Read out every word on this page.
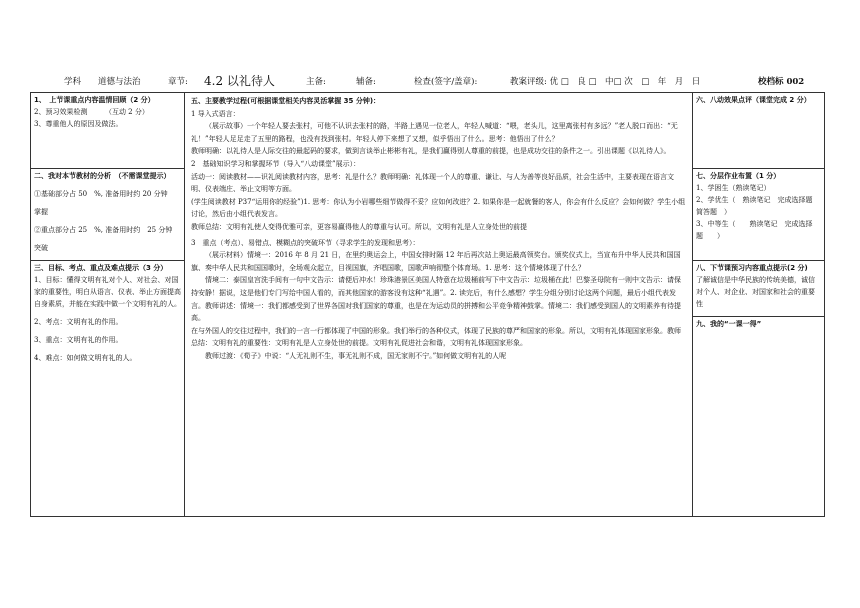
学科 道德与法治	章节: 4.2 以礼待人	主备:	辅备:	检查(签字/盖章):	教案评级: 优 □　良 □　中□ 次　□　年　月　日	校档标 002

1、　上节课重点内容温情回顾（2 分）

2、预习效果检测　　　（互动 2 分）

3、尊重他人的原因及做法。

二、我对本节教材的分析　（不需课堂提示）

①基础部分占 50　%, 准备用时约 20 分钟

掌握

②重点部分占 25　%, 准备用时约　25 分钟

突破

三、目标、考点、重点及难点提示（3 分）

1、目标：懂得文明有礼对个人、对社会、对国家的重要性，明白从语言、仪表、举止方面提高自身素质，并能在实践中做一个文明有礼的人。

2、考点：文明有礼的作用。

3、重点：文明有礼的作用。

4、难点：如何做文明有礼的人。

五、主要教学过程(可根据课堂相关内容灵活掌握 35 分钟)：

1 导入式语言：

（展示故事）一个年轻人要去张村，可他不认识去张村的路，半路上遇见一位老人，年轻人喊道：“喂，老头儿，这里离张村有多远？”老人脱口而出：“无礼！”年轻人足足走了五里的路程，也没有找到张村。年轻人停下来想了又想，似乎悟出了什么。思考：他悟出了什么？

教师明确：以礼待人是人际交往的最起码的要求，做到言谈举止彬彬有礼，是我们赢得别人尊重的前提，也是成功交往的条件之一。引出课题《以礼待人》。

2　基础知识学习和掌握环节（导入“八动课堂”展示）：

活动一：阅读教材——识礼阅读教材内容，思考：礼是什么？教师明确：礼体现一个人的尊重、谦让、与人为善等良好品质，社会生活中，主要表现在语言文明、仪表端庄、举止文明等方面。

(学生阅读教材 P37“运用你的经验”)1. 思考：你认为小岩哪些细节做得不妥？应如何改进？2. 如果你是一起就餐的客人，你会有什么反应？会如何做？学生小组讨论，然后由小组代表发言。

教师总结：文明有礼使人变得优雅可亲，更容易赢得他人的尊重与认可。所以，文明有礼是人立身处世的前提

3　重点（考点）、易错点、模糊点的突破环节（寻求学生的发现和思考）：

（展示材料）情境一：2016 年 8 月 21 日，在里约奥运会上，中国女排时隔 12 年后再次站上奥运最高领奖台。颁奖仪式上，当宣布升中华人民共和国国旗、奏中华人民共和国国歌时，全场观众起立，目视国旗，齐唱国歌，国歌声响彻整个体育场。1. 思考：这个情境体现了什么？

情境二：泰国皇宫洗手间有一句中文告示：请便后冲水！珍珠港景区美国人特意在垃圾桶前写下中文告示：垃圾桶在此！巴黎圣母院有一则中文告示：请保持安静！据说，这是他们专门写给中国人看的，而其他国家的游客没有这种“礼遇”。2. 读完后，有什么感想？学生分组分别讨论这两个问题，最后小组代表发言。教师讲述：情境一：我们都感受到了世界各国对我们国家的尊重，也是在为运动员的拼搏和公平竞争精神鼓掌。情境二：我们感受到国人的文明素养有待提高。

在与外国人的交往过程中，我们的一言一行都体现了中国的形象。我们举行的各种仪式，体现了民族的尊严和国家的形象。所以，文明有礼体现国家形象。教师总结：文明有礼的重要性：文明有礼是人立身处世的前提。文明有礼促进社会和谐，文明有礼体现国家形象。

教师过渡：《荀子》中说：“人无礼则不生，事无礼则不成，国无家则不宁。”如何做文明有礼的人呢

六、八动效果点评（课堂完成 2 分）

七、分层作业布置（1 分）

1、学困生（熟读笔记）

2、学优生（　熟读笔记　完成选择题　简答题　）

3、中等生（　　熟读笔记　完成选择题　　）

八、下节课预习内容重点提示(2 分)

了解诚信是中华民族的传统美德，诚信对个人、对企业、对国家和社会的重要性

九、我的“一课一得”
